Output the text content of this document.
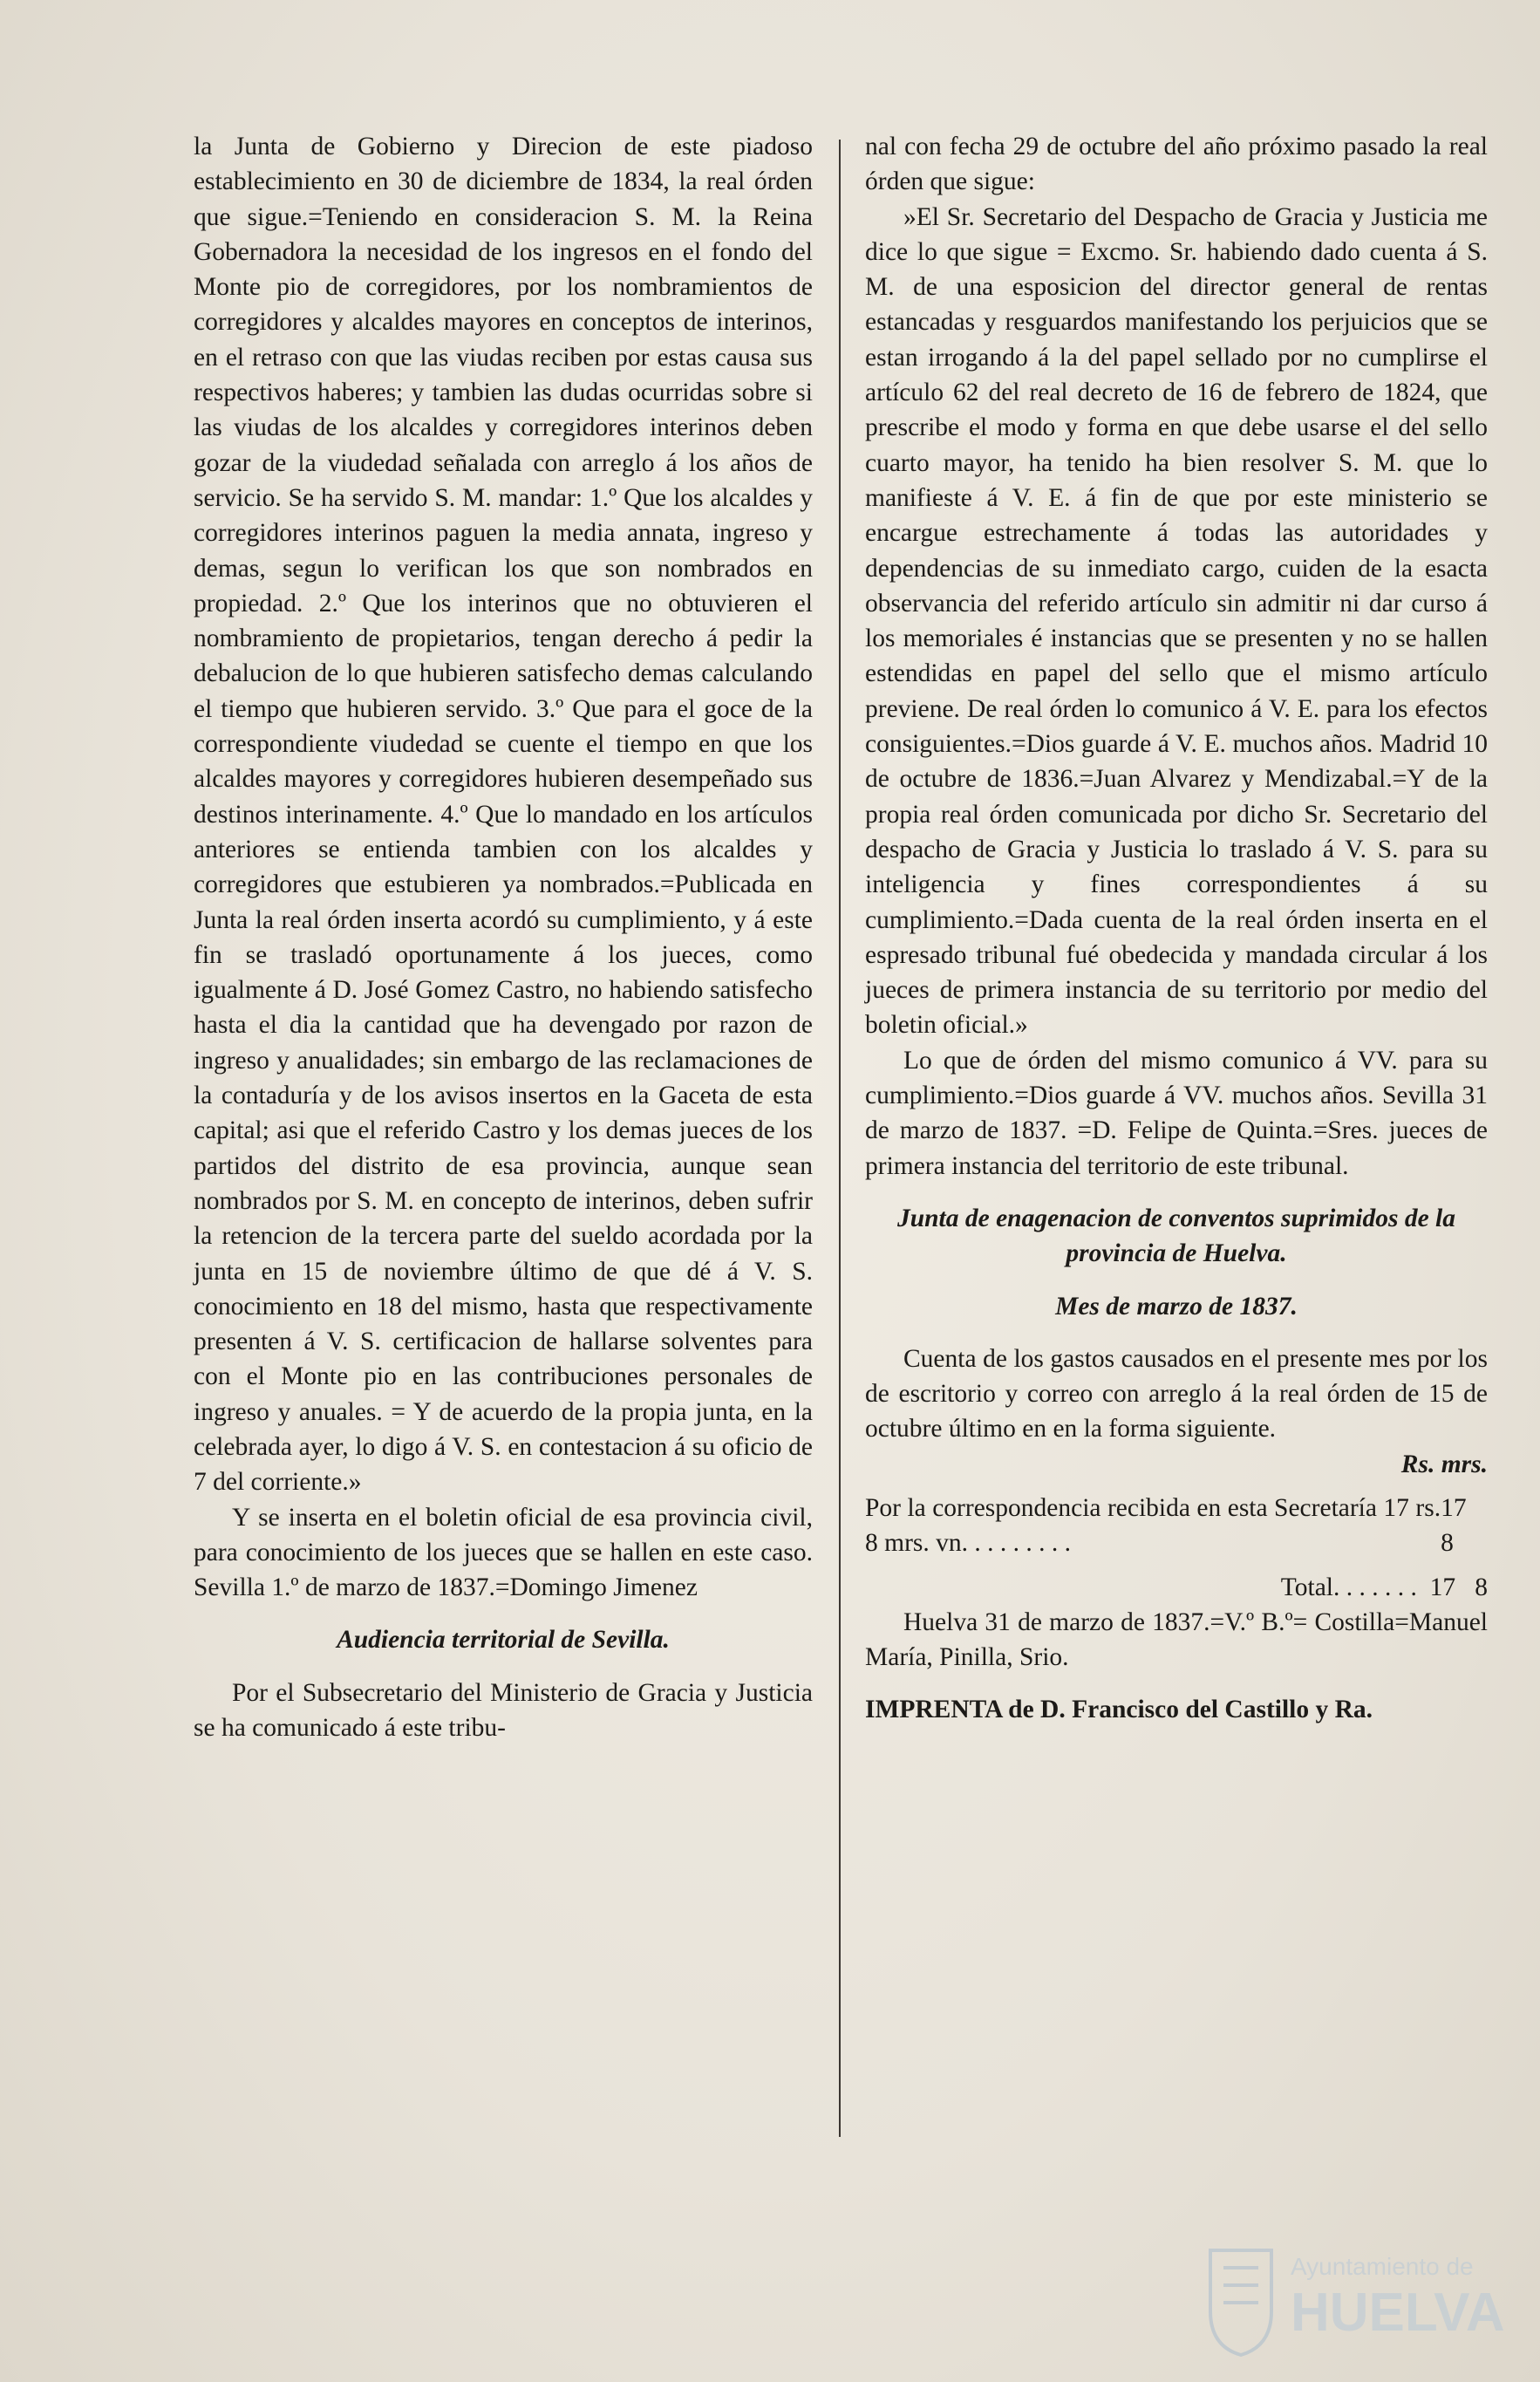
la Junta de Gobierno y Direcion de este piadoso establecimiento en 30 de diciembre de 1834, la real órden que sigue.=Teniendo en consideracion S. M. la Reina Gobernadora la necesidad de los ingresos en el fondo del Monte pio de corregidores, por los nombramientos de corregidores y alcaldes mayores en conceptos de interinos, en el retraso con que las viudas reciben por estas causa sus respectivos haberes; y tambien las dudas ocurridas sobre si las viudas de los alcaldes y corregidores interinos deben gozar de la viudedad señalada con arreglo á los años de servicio. Se ha servido S. M. mandar: 1.º Que los alcaldes y corregidores interinos paguen la media annata, ingreso y demas, segun lo verifican los que son nombrados en propiedad. 2.º Que los interinos que no obtuvieren el nombramiento de propietarios, tengan derecho á pedir la debalucion de lo que hubieren satisfecho demas calculando el tiempo que hubieren servido. 3.º Que para el goce de la correspondiente viudedad se cuente el tiempo en que los alcaldes mayores y corregidores hubieren desempeñado sus destinos interinamente. 4.º Que lo mandado en los artículos anteriores se entienda tambien con los alcaldes y corregidores que estubieren ya nombrados.=Publicada en Junta la real órden inserta acordó su cumplimiento, y á este fin se trasladó oportunamente á los jueces, como igualmente á D. José Gomez Castro, no habiendo satisfecho hasta el dia la cantidad que ha devengado por razon de ingreso y anualidades; sin embargo de las reclamaciones de la contaduría y de los avisos insertos en la Gaceta de esta capital; asi que el referido Castro y los demas jueces de los partidos del distrito de esa provincia, aunque sean nombrados por S. M. en concepto de interinos, deben sufrir la retencion de la tercera parte del sueldo acordada por la junta en 15 de noviembre último de que dé á V. S. conocimiento en 18 del mismo, hasta que respectivamente presenten á V. S. certificacion de hallarse solventes para con el Monte pio en las contribuciones personales de ingreso y anuales. = Y de acuerdo de la propia junta, en la celebrada ayer, lo digo á V. S. en contestacion á su oficio de 7 del corriente.»

Y se inserta en el boletin oficial de esa provincia civil, para conocimiento de los jueces que se hallen en este caso. Sevilla 1.º de marzo de 1837.=Domingo Jimenez

Audiencia territorial de Sevilla.

Por el Subsecretario del Ministerio de Gracia y Justicia se ha comunicado á este tribu-

nal con fecha 29 de octubre del año próximo pasado la real órden que sigue:

»El Sr. Secretario del Despacho de Gracia y Justicia me dice lo que sigue = Excmo. Sr. habiendo dado cuenta á S. M. de una esposicion del director general de rentas estancadas y resguardos manifestando los perjuicios que se estan irrogando á la del papel sellado por no cumplirse el artículo 62 del real decreto de 16 de febrero de 1824, que prescribe el modo y forma en que debe usarse el del sello cuarto mayor, ha tenido ha bien resolver S. M. que lo manifieste á V. E. á fin de que por este ministerio se encargue estrechamente á todas las autoridades y dependencias de su inmediato cargo, cuiden de la esacta observancia del referido artículo sin admitir ni dar curso á los memoriales é instancias que se presenten y no se hallen estendidas en papel del sello que el mismo artículo previene. De real órden lo comunico á V. E. para los efectos consiguientes.=Dios guarde á V. E. muchos años. Madrid 10 de octubre de 1836.=Juan Alvarez y Mendizabal.=Y de la propia real órden comunicada por dicho Sr. Secretario del despacho de Gracia y Justicia lo traslado á V. S. para su inteligencia y fines correspondientes á su cumplimiento.=Dada cuenta de la real órden inserta en el espresado tribunal fué obedecida y mandada circular á los jueces de primera instancia de su territorio por medio del boletin oficial.»

Lo que de órden del mismo comunico á VV. para su cumplimiento.=Dios guarde á VV. muchos años. Sevilla 31 de marzo de 1837. =D. Felipe de Quinta.=Sres. jueces de primera instancia del territorio de este tribunal.

Junta de enagenacion de conventos suprimidos de la provincia de Huelva.

Mes de marzo de 1837.

Cuenta de los gastos causados en el presente mes por los de escritorio y correo con arreglo á la real órden de 15 de octubre último en en la forma siguiente.

Rs. mrs.

Por la correspondencia recibida en esta Secretaría 17 rs. 8 mrs. vn. . . . . . . . .
17    8
Total. . . . . . .
17
8

Huelva 31 de marzo de 1837.=V.º B.º= Costilla=Manuel María, Pinilla, Srio.

IMPRENTA de D. Francisco del Castillo y Ra.

Ayuntamiento de
HUELVA
